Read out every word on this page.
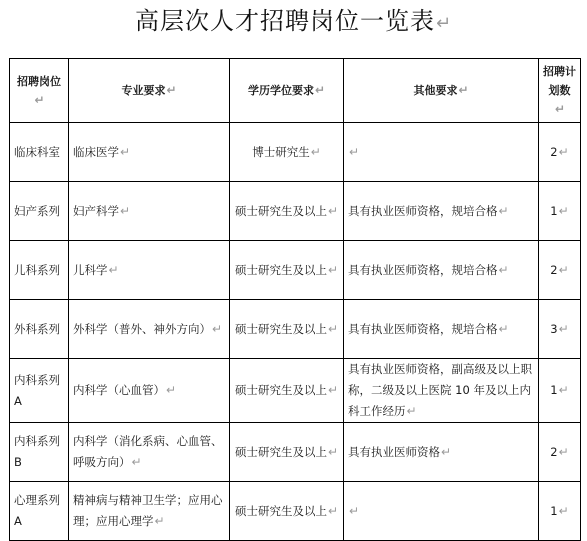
高层次人才招聘岗位一览表↵
招聘岗位↵	专业要求↵	学历学位要求↵	其他要求↵	招聘计划数↵
临床科室	临床医学↵	博士研究生↵	↵	2↵
妇产系列	妇产科学↵	硕士研究生及以上↵	具有执业医师资格，规培合格↵	1↵
儿科系列	儿科学↵	硕士研究生及以上↵	具有执业医师资格，规培合格↵	2↵
外科系列	外科学（普外、神外方向）↵	硕士研究生及以上↵	具有执业医师资格，规培合格↵	3↵
内科系列 A	内科学（心血管）↵	硕士研究生及以上↵	具有执业医师资格，副高级及以上职称，二级及以上医院 10 年及以上内科工作经历↵	1↵
内科系列 B	内科学（消化系病、心血管、呼吸方向）↵	硕士研究生及以上↵	具有执业医师资格↵	2↵
心理系列 A	精神病与精神卫生学；应用心理；应用心理学↵	硕士研究生及以上↵	↵	1↵
